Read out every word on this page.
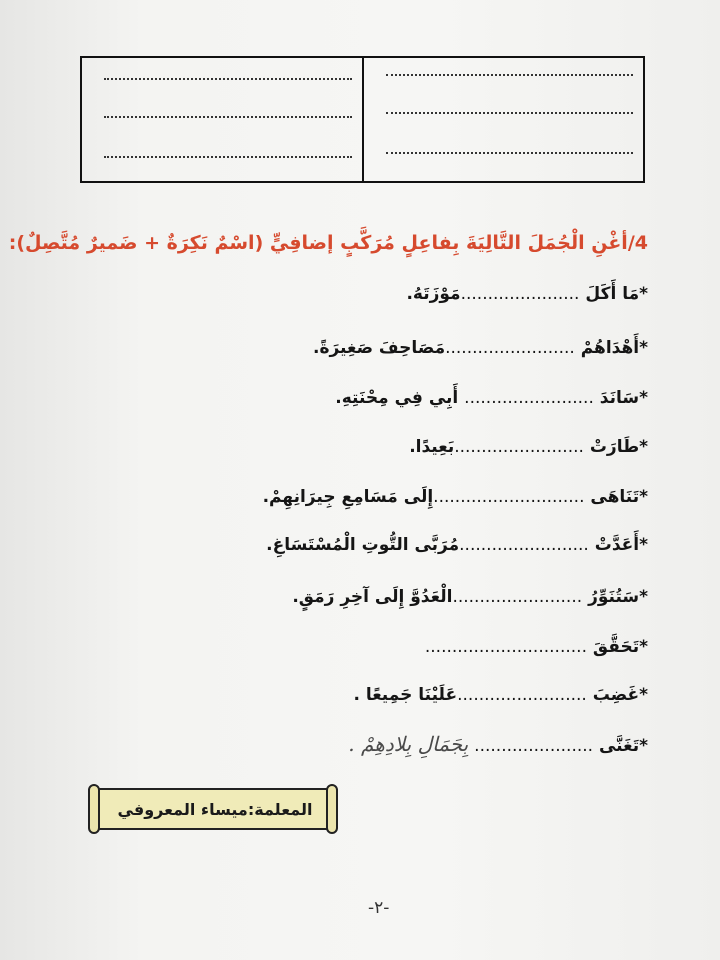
4/أغْنِ الْجُمَلَ التَّالِيَةَ بِفاعِلٍ مُرَكَّبٍ إضافِيٍّ (اسْمٌ نَكِرَةٌ + ضَميرٌ مُتَّصِلٌ):
*مَا أَكَلَ ......................مَوْزَتَهُ.
*أَهْدَاهُمْ ........................مَصَاحِفَ صَغِيرَةً.
*سَانَدَ ........................ أَبِي فِي مِحْنَتِهِ.
*طَارَتْ ........................بَعِيدًا.
*تَنَاهَى ............................إِلَى مَسَامِعِ جِيرَانِهِمْ.
*أَعَدَّتْ ........................مُرَبَّى التُّوتِ الْمُسْتَسَاغِ.
*سَتُنَوِّرُ ........................الْعَدُوَّ إِلَى آخِرِ رَمَقٍ.
*تَحَقَّقَ ..............................
*غَضِبَ ........................عَلَيْنَا جَمِيعًا .
*تَغَنَّى ...................... بِجَمَالِ بِلادِهِمْ .
المعلمة:ميساء المعروفي
-٢-
